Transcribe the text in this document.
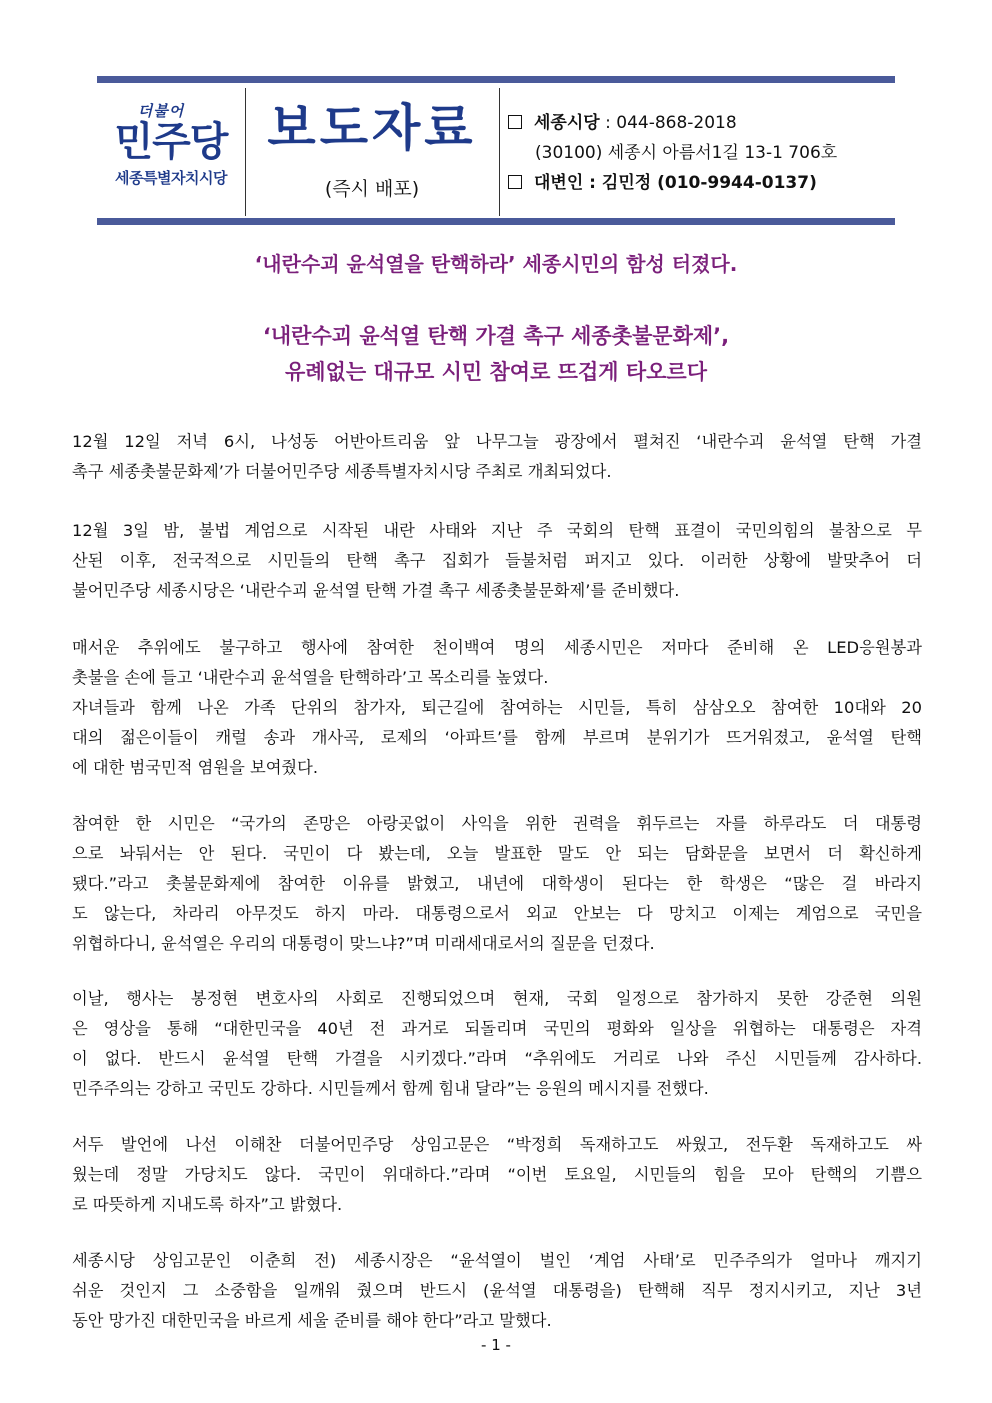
더불어
민주당
세종특별자치시당
보도자료
(즉시 배포)
세종시당 : 044-868-2018
(30100) 세종시 아름서1길 13-1 706호
대변인 : 김민정 (010-9944-0137)
‘내란수괴 윤석열을 탄핵하라’ 세종시민의 함성 터졌다.
‘내란수괴 윤석열 탄핵 가결 촉구 세종촛불문화제’,
유례없는 대규모 시민 참여로 뜨겁게 타오르다
12월 12일 저녁 6시, 나성동 어반아트리움 앞 나무그늘 광장에서 펼쳐진 ‘내란수괴 윤석열 탄핵 가결
촉구 세종촛불문화제’가 더불어민주당 세종특별자치시당 주최로 개최되었다.
12월 3일 밤, 불법 계엄으로 시작된 내란 사태와 지난 주 국회의 탄핵 표결이 국민의힘의 불참으로 무
산된 이후, 전국적으로 시민들의 탄핵 촉구 집회가 들불처럼 퍼지고 있다. 이러한 상황에 발맞추어 더
불어민주당 세종시당은 ‘내란수괴 윤석열 탄핵 가결 촉구 세종촛불문화제’를 준비했다.
매서운 추위에도 불구하고 행사에 참여한 천이백여 명의 세종시민은 저마다 준비해 온 LED응원봉과
촛불을 손에 들고 ‘내란수괴 윤석열을 탄핵하라’고 목소리를 높였다.
자녀들과 함께 나온 가족 단위의 참가자, 퇴근길에 참여하는 시민들, 특히 삼삼오오 참여한 10대와 20
대의 젊은이들이 캐럴 송과 개사곡, 로제의 ‘아파트’를 함께 부르며 분위기가 뜨거워졌고, 윤석열 탄핵
에 대한 범국민적 염원을 보여줬다.
참여한 한 시민은 “국가의 존망은 아랑곳없이 사익을 위한 권력을 휘두르는 자를 하루라도 더 대통령
으로 놔둬서는 안 된다. 국민이 다 봤는데, 오늘 발표한 말도 안 되는 담화문을 보면서 더 확신하게
됐다.”라고 촛불문화제에 참여한 이유를 밝혔고, 내년에 대학생이 된다는 한 학생은 “많은 걸 바라지
도 않는다, 차라리 아무것도 하지 마라. 대통령으로서 외교 안보는 다 망치고 이제는 계엄으로 국민을
위협하다니, 윤석열은 우리의 대통령이 맞느냐?”며 미래세대로서의 질문을 던졌다.
이날, 행사는 봉정현 변호사의 사회로 진행되었으며 현재, 국회 일정으로 참가하지 못한 강준현 의원
은 영상을 통해 “대한민국을 40년 전 과거로 되돌리며 국민의 평화와 일상을 위협하는 대통령은 자격
이 없다. 반드시 윤석열 탄핵 가결을 시키겠다.”라며 “추위에도 거리로 나와 주신 시민들께 감사하다.
민주주의는 강하고 국민도 강하다. 시민들께서 함께 힘내 달라”는 응원의 메시지를 전했다.
서두 발언에 나선 이해찬 더불어민주당 상임고문은 “박정희 독재하고도 싸웠고, 전두환 독재하고도 싸
웠는데 정말 가당치도 않다. 국민이 위대하다.”라며 “이번 토요일, 시민들의 힘을 모아 탄핵의 기쁨으
로 따뜻하게 지내도록 하자”고 밝혔다.
세종시당 상임고문인 이춘희 전) 세종시장은 “윤석열이 벌인 ‘계엄 사태’로 민주주의가 얼마나 깨지기
쉬운 것인지 그 소중함을 일깨워 줬으며 반드시 (윤석열 대통령을) 탄핵해 직무 정지시키고, 지난 3년
동안 망가진 대한민국을 바르게 세울 준비를 해야 한다”라고 말했다.
- 1 -
